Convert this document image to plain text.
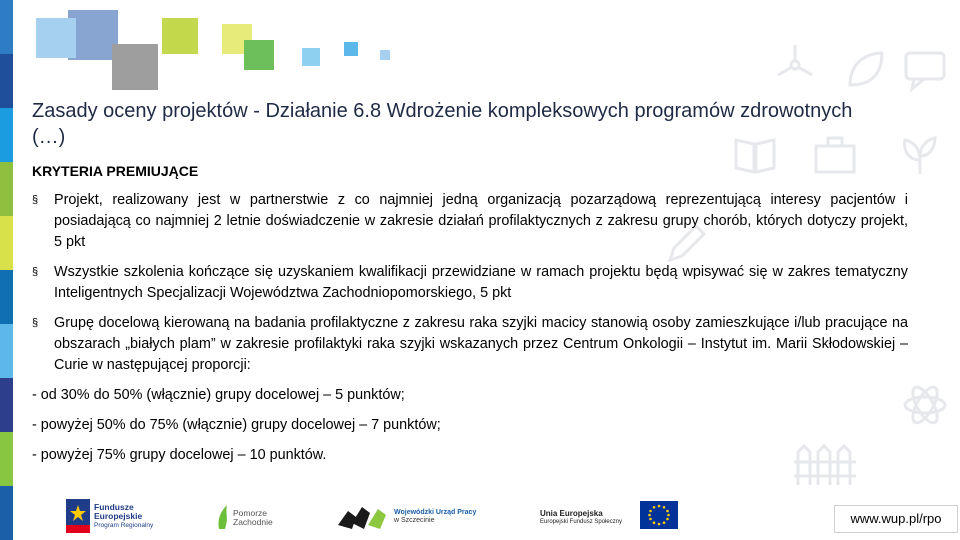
Zasady oceny projektów - Działanie 6.8 Wdrożenie kompleksowych programów zdrowotnych (…)
KRYTERIA PREMIUJĄCE
§ Projekt, realizowany jest w partnerstwie z co najmniej jedną organizacją pozarządową reprezentującą interesy pacjentów i posiadającą co najmniej 2 letnie doświadczenie w zakresie działań profilaktycznych z zakresu grupy chorób, których dotyczy projekt, 5 pkt
§ Wszystkie szkolenia kończące się uzyskaniem kwalifikacji przewidziane w ramach projektu będą wpisywać się w zakres tematyczny Inteligentnych Specjalizacji Województwa Zachodniopomorskiego, 5 pkt
§ Grupę docelową kierowaną na badania profilaktyczne z zakresu raka szyjki macicy stanowią osoby zamieszkujące i/lub pracujące na obszarach „białych plam” w zakresie profilaktyki raka szyjki wskazanych przez Centrum Onkologii – Instytut im. Marii Skłodowskiej – Curie w następującej proporcji:
- od 30% do 50% (włącznie) grupy docelowej – 5 punktów;
- powyżej 50% do 75% (włącznie) grupy docelowej – 7 punktów;
- powyżej 75% grupy docelowej – 10 punktów.
Fundusze
Europejskie
Program Regionalny
Pomorze
Zachodnie
Wojewódzki Urząd Pracy
w Szczecinie
Unia Europejska
Europejski Fundusz Społeczny	www.wup.pl/rpo
